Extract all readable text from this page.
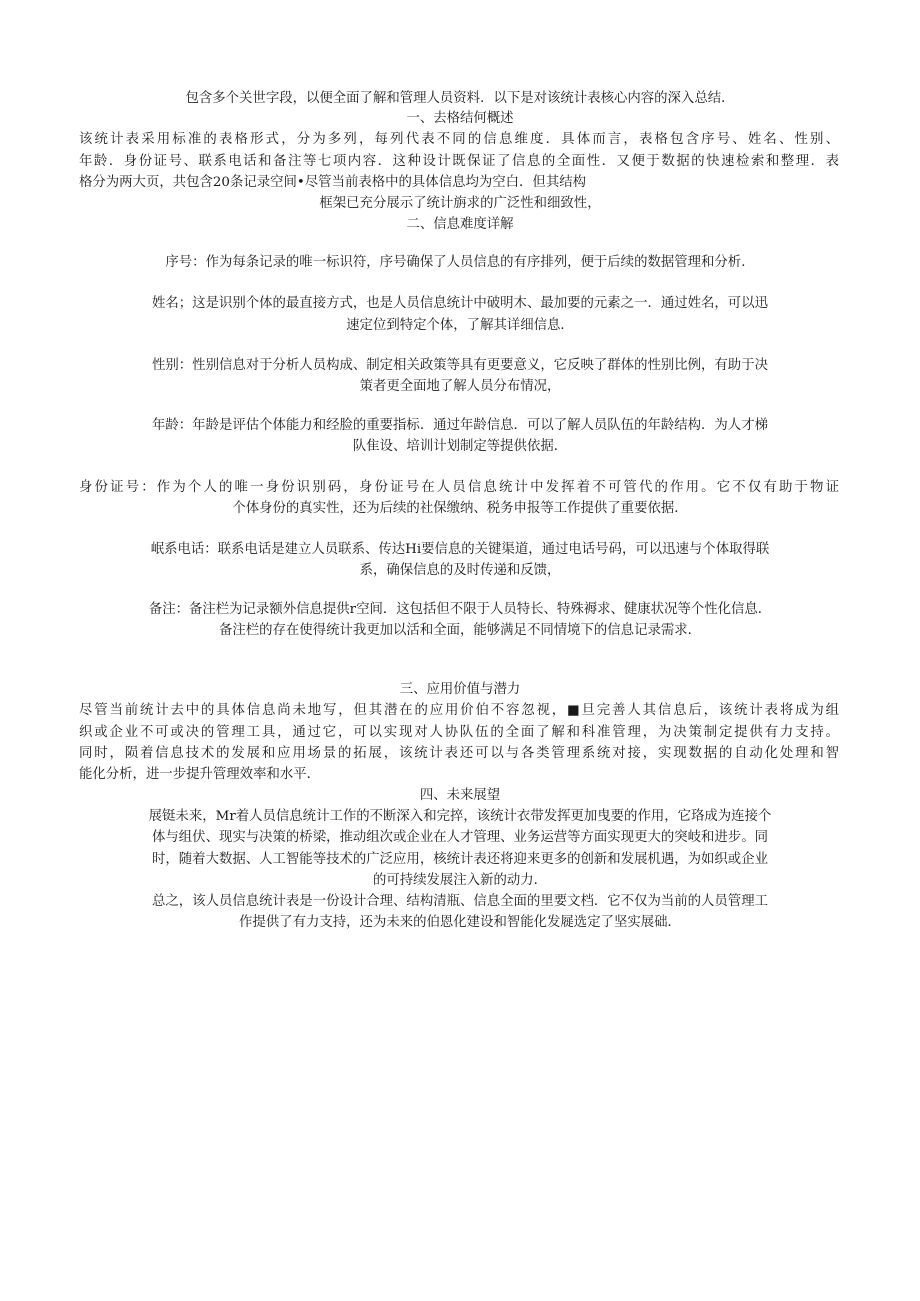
包含多个关世字段，以便全面了解和管理人员资料．以下是对该统计表核心内容的深入总结．

一、去格结何概述

该统计表采用标准的表格形式，分为多列，每列代表不同的信息维度．具体而言，表格包含序号、姓名、性别、

年龄．身份证号、联系电话和备注等七项内容．这种设计既保证了信息的全面性．又便于数据的快速检索和整理．表

格分为两大页，共包含20条记录空间•尽管当前表格中的具体信息均为空白．但其结构

框架已充分展示了统计旃求的广泛性和细致性，

二、信息难度详解

序号：作为每条记录的唯一标识符，序号确保了人员信息的有序排列，便于后续的数据管理和分析．

姓名；这是识别个体的最直接方式，也是人员信息统计中破明木、最加要的元素之一．通过姓名，可以迅

速定位到特定个体，了解其详细信息．

性别：性别信息对于分析人员构成、制定相关政策等具有更要意义，它反映了群体的性别比例，有助于决

策者更全面地了解人员分布情况，

年龄：年龄是评估个体能力和经脸的重要指标．通过年龄信息．可以了解人员队伍的年龄结构．为人才梯

队隹设、培训计划制定等提供依据．

身份证号：作为个人的唯一身份识别码，身份证号在人员信息统计中发挥着不可管代的作用。它不仅有助于物证

个体身份的真实性，还为后续的社保缴纳、税务申报等工作提供了重要依据．

岷系电话：联系电话是建立人员联系、传达Hi要信息的关键渠道，通过电话号码，可以迅速与个体取得联

系，确保信息的及时传递和反馈，

备注：备注栏为记录额外信息提供r空间．这包括但不限于人员特长、特殊褥求、健康状况等个性化信息．

备注栏的存在使得统计我更加以活和全面，能够满足不同情境下的信息记录需求．

三、应用价值与潜力

尽管当前统计去中的具体信息尚未地写，但其潜在的应用价伯不容忽视，■旦完善人其信息后，该统计表将成为组

织或企业不可或决的管理工具，通过它，可以实现对人协队伍的全面了解和科准管理，为决策制定提供有力支持。

同时，陨着信息技术的发展和应用场景的拓展，该统计表还可以与各类管理系统对接，实现数据的自动化处理和智

能化分析，进一步提升管理效率和水平．

四、未来展望

展铤未来，Mr着人员信息统计工作的不断深入和完捽，该统计衣带发挥更加曳要的作用，它珞成为连接个

体与组伏、现实与决策的桥梁，推动组次或企业在人才管理、业务运营等方面实现更大的突岐和进步。同

时，随着大数据、人工智能等技术的广泛应用，核统计表还将迎来更多的创新和发展机遇，为如织或企业

的可持续发展注入新的动力．

总之，该人员信息统计表是一份设计合理、结构清瓶、信息全面的里要文档．它不仅为当前的人员管理工

作提供了有力支持，还为未来的伯恩化建设和智能化发屣选定了坚实展础．
